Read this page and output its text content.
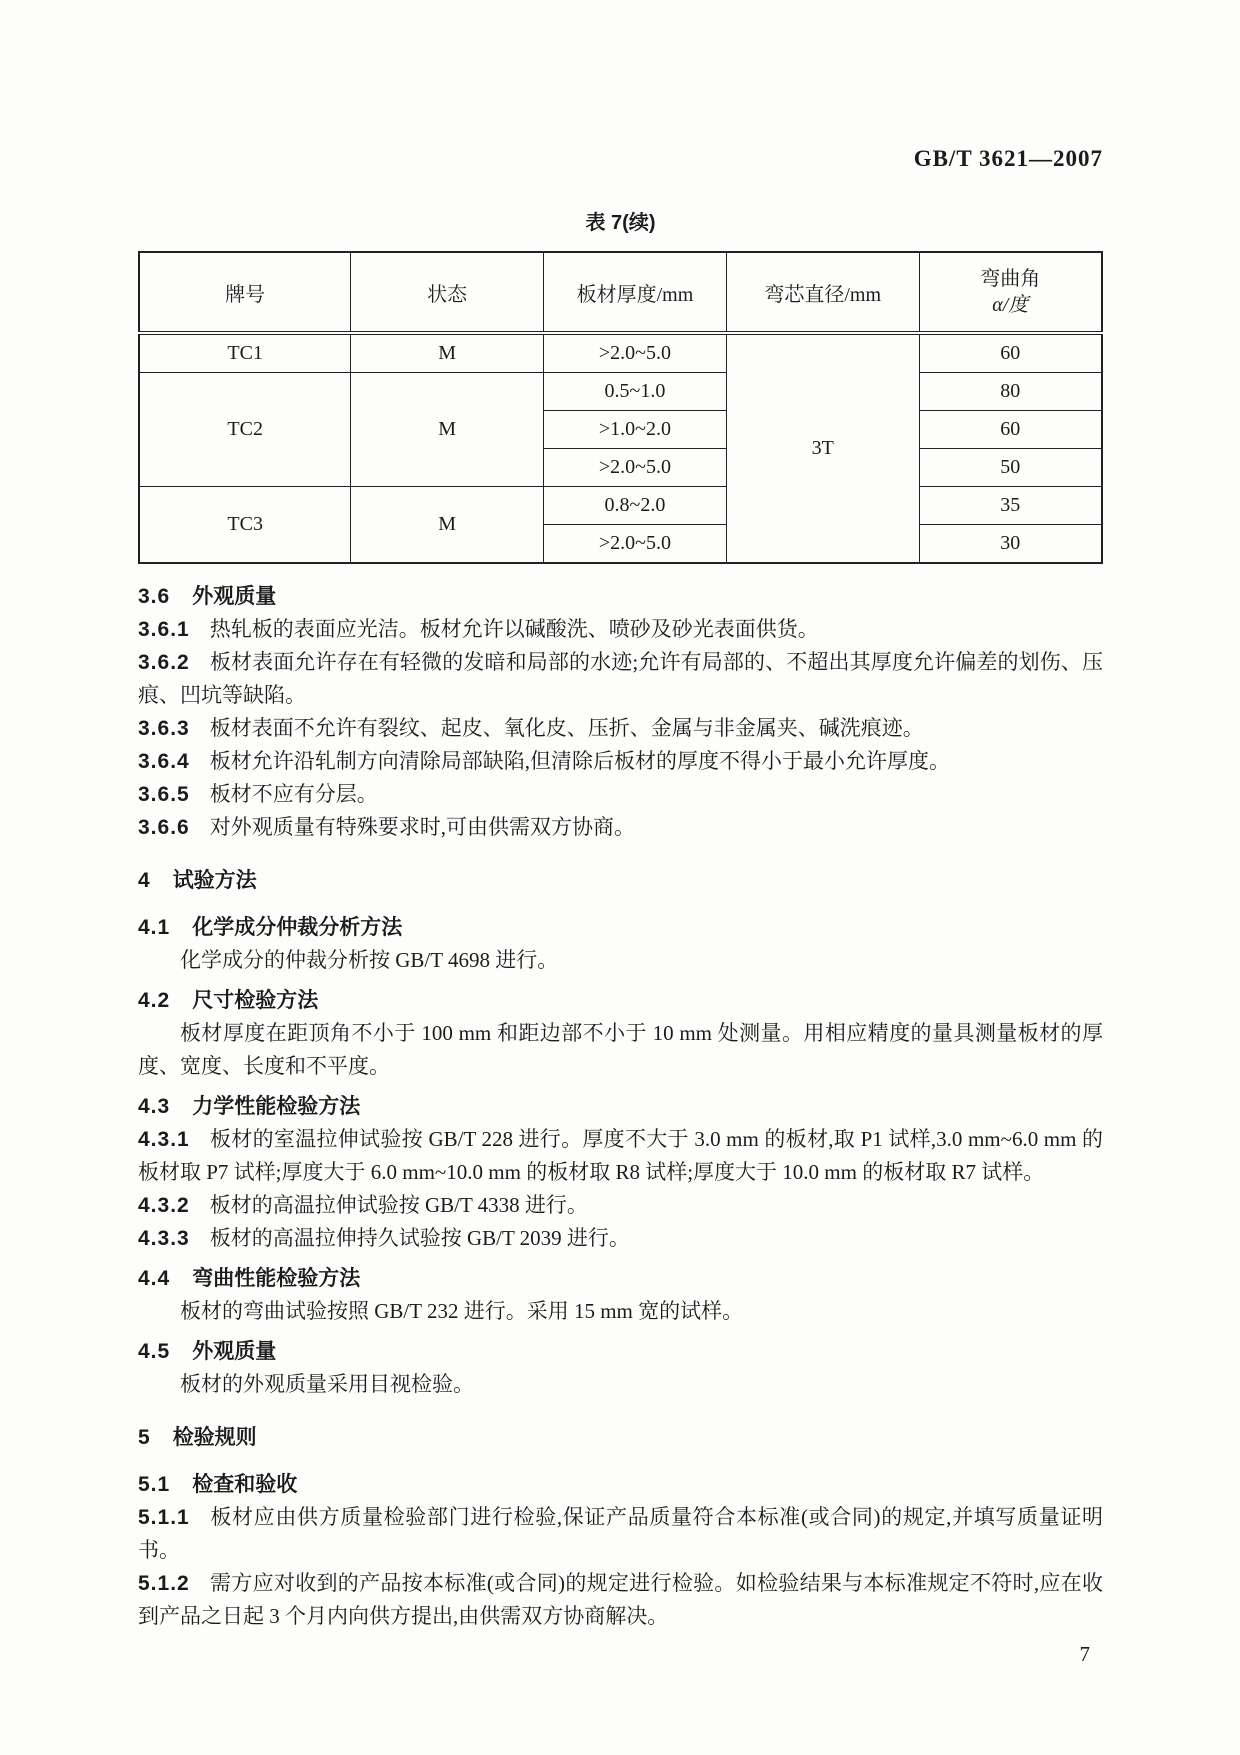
GB/T 3621—2007
表 7(续)
牌号	状态	板材厚度/mm	弯芯直径/mm	弯曲角
α/度

TC1	M	>2.0~5.0	3T	60
TC2	M	0.5~1.0		80
		>1.0~2.0		60
		>2.0~5.0		50
TC3	M	0.8~2.0		35
		>2.0~5.0		30

3.6 外观质量

3.6.1 热轧板的表面应光洁。板材允许以碱酸洗、喷砂及砂光表面供货。

3.6.2 板材表面允许存在有轻微的发暗和局部的水迹;允许有局部的、不超出其厚度允许偏差的划伤、压痕、凹坑等缺陷。

3.6.3 板材表面不允许有裂纹、起皮、氧化皮、压折、金属与非金属夹、碱洗痕迹。

3.6.4 板材允许沿轧制方向清除局部缺陷,但清除后板材的厚度不得小于最小允许厚度。

3.6.5 板材不应有分层。

3.6.6 对外观质量有特殊要求时,可由供需双方协商。

4 试验方法

4.1 化学成分仲裁分析方法

化学成分的仲裁分析按 GB/T 4698 进行。

4.2 尺寸检验方法

板材厚度在距顶角不小于 100 mm 和距边部不小于 10 mm 处测量。用相应精度的量具测量板材的厚度、宽度、长度和不平度。

4.3 力学性能检验方法

4.3.1 板材的室温拉伸试验按 GB/T 228 进行。厚度不大于 3.0 mm 的板材,取 P1 试样,3.0 mm~6.0 mm 的板材取 P7 试样;厚度大于 6.0 mm~10.0 mm 的板材取 R8 试样;厚度大于 10.0 mm 的板材取 R7 试样。

4.3.2 板材的高温拉伸试验按 GB/T 4338 进行。

4.3.3 板材的高温拉伸持久试验按 GB/T 2039 进行。

4.4 弯曲性能检验方法

板材的弯曲试验按照 GB/T 232 进行。采用 15 mm 宽的试样。

4.5 外观质量

板材的外观质量采用目视检验。

5 检验规则

5.1 检查和验收

5.1.1 板材应由供方质量检验部门进行检验,保证产品质量符合本标准(或合同)的规定,并填写质量证明书。

5.1.2 需方应对收到的产品按本标准(或合同)的规定进行检验。如检验结果与本标准规定不符时,应在收到产品之日起 3 个月内向供方提出,由供需双方协商解决。

7
